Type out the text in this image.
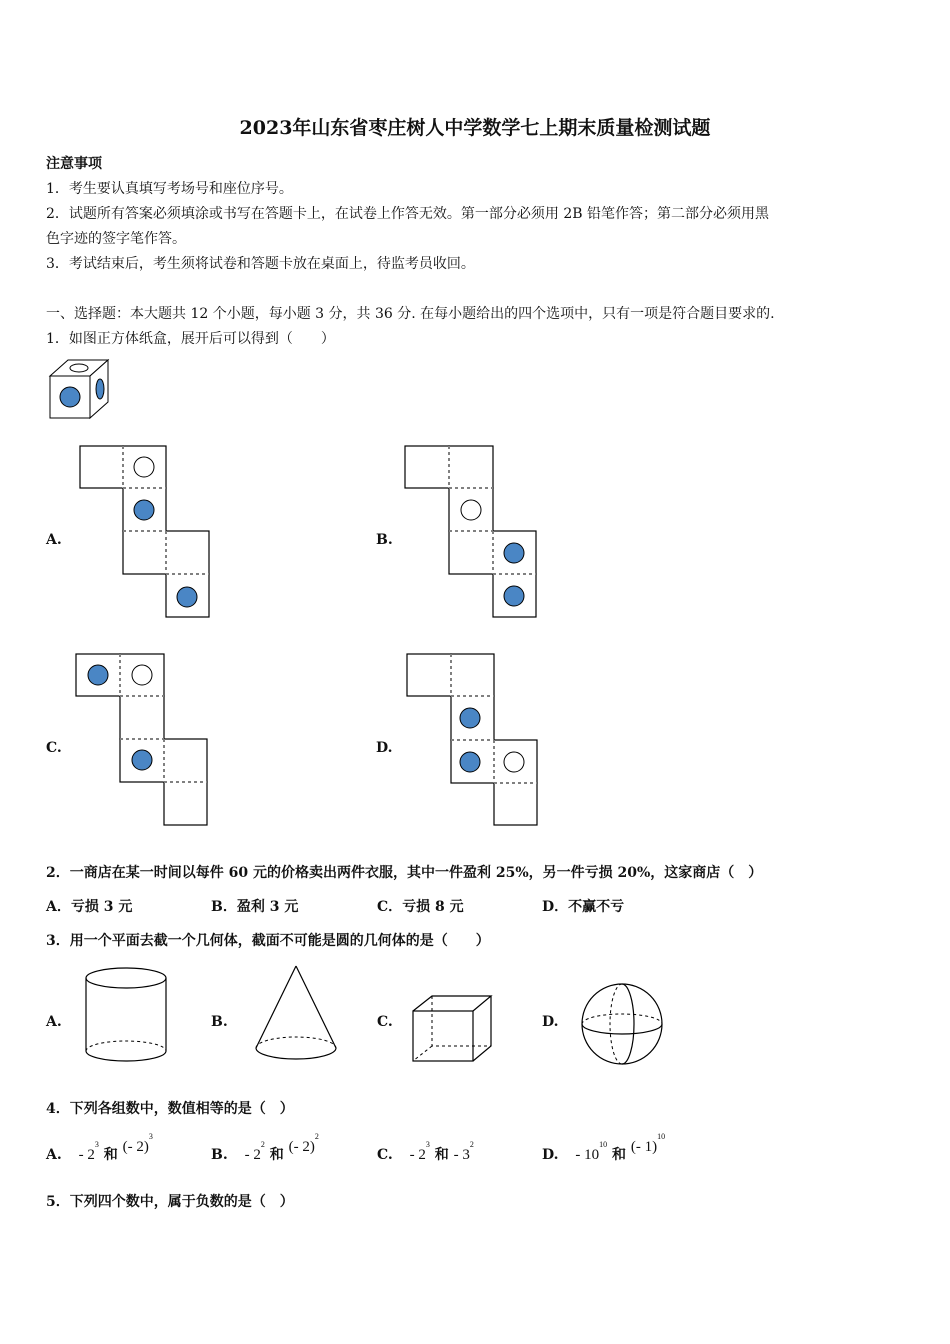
2023年山东省枣庄树人中学数学七上期末质量检测试题
注意事项
1．考生要认真填写考场号和座位序号。
2．试题所有答案必须填涂或书写在答题卡上，在试卷上作答无效。第一部分必须用 2B 铅笔作答；第二部分必须用黑
色字迹的签字笔作答。
3．考试结束后，考生须将试卷和答题卡放在桌面上，待监考员收回。
一、选择题：本大题共 12 个小题，每小题 3 分，共 36 分. 在每小题给出的四个选项中，只有一项是符合题目要求的.
1．如图正方体纸盒，展开后可以得到（　　）
A.	B.
C.	D.
2．一商店在某一时间以每件 60 元的价格卖出两件衣服，其中一件盈利 25%，另一件亏损 20%，这家商店（　）
A．亏损 3 元	B．盈利 3 元	C．亏损 8 元	D．不赢不亏
3．用一个平面去截一个几何体，截面不可能是圆的几何体的是（　　）
A.	B.	C.	D.
4．下列各组数中，数值相等的是（　）
A. - $2^3$ 和 (- 2)$^3$
B. - $2^2$ 和 (- 2)$^2$
C. - $2^3$ 和 - $3^2$
D. - $10^{10}$ 和 (- 1)$^{10}$
5．下列四个数中，属于负数的是（　）
